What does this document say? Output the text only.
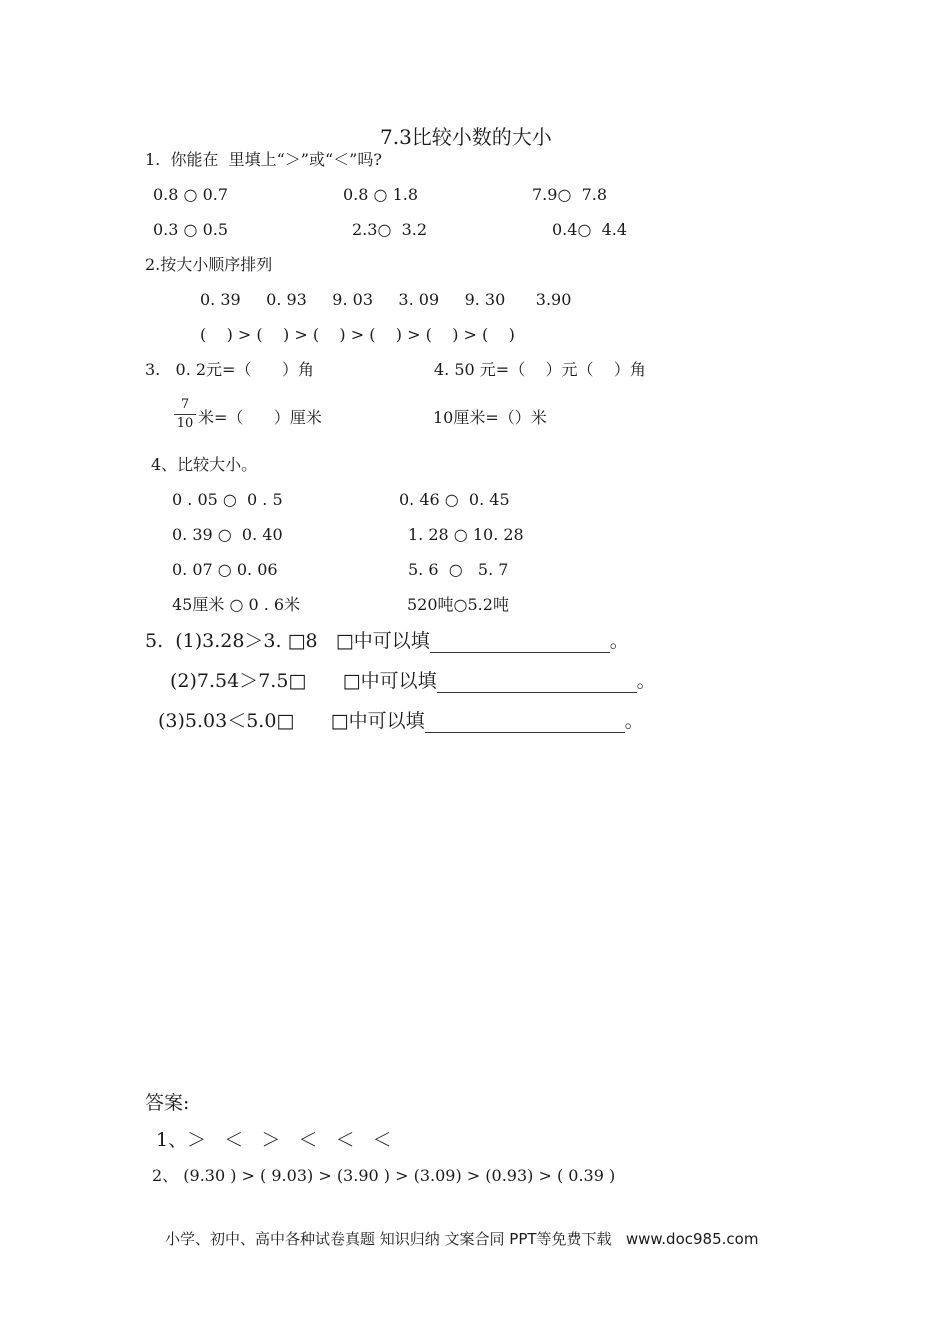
7.3比较小数的大小
1.  你能在  里填上“＞”或“＜”吗?
0.8 ○ 0.7	0.8 ○ 1.8	7.9○  7.8
0.3 ○ 0.5	2.3○  3.2	0.4○  4.4
2.按大小顺序排列
0. 39     0. 93     9. 03     3. 09     9. 30      3.90
(    ) > (    ) > (    ) > (    ) > (    ) > (    )
3.   0. 2元=（      ）角	4. 50 元=（    ）元（    ）角
7
10 米=（      ）厘米	10厘米=（）米
4、比较大小。
0 . 05 ○  0 . 5	0. 46 ○  0. 45
0. 39 ○  0. 40	1. 28 ○ 10. 28
0. 07 ○ 0. 06	5. 6  ○   5. 7
45厘米 ○ 0 . 6米	520吨○5.2吨
5.  (1)3.28＞3. □8   □中可以填	。
(2)7.54＞7.5□      □中可以填	。
(3)5.03＜5.0□      □中可以填	。
答案:
1、＞   ＜   ＞   ＜   ＜   ＜
2、 (9.30 ) > ( 9.03) > (3.90 ) > (3.09) > (0.93) > ( 0.39 )
小学、初中、高中各种试卷真题 知识归纳 文案合同 PPT等免费下载   www.doc985.com
